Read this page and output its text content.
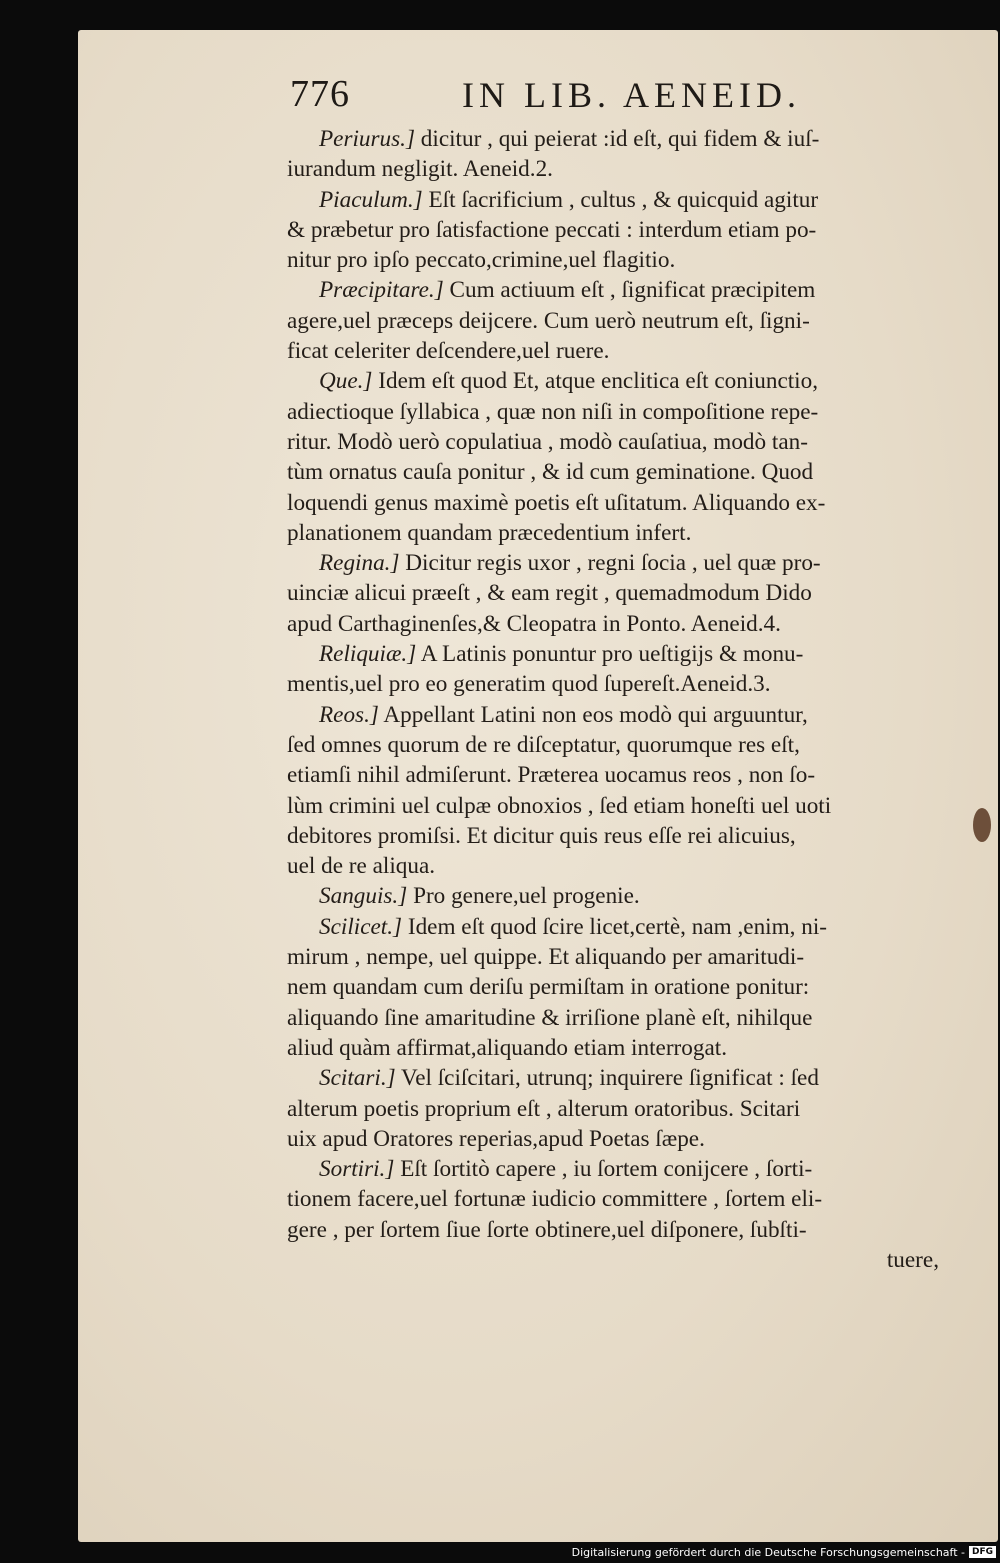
776	IN LIB. AENEID.
Periurus.] dicitur , qui peierat :id eſt, qui fidem & iuſ-
iurandum negligit. Aeneid.2.
Piaculum.] Eſt ſacrificium , cultus , & quicquid agitur
& præbetur pro ſatisfactione peccati : interdum etiam po-
nitur pro ipſo peccato,crimine,uel flagitio.
Præcipitare.] Cum actiuum eſt , ſignificat præcipitem
agere,uel præceps deijcere. Cum uerò neutrum eſt, ſigni-
ficat celeriter deſcendere,uel ruere.
Que.] Idem eſt quod Et, atque enclitica eſt coniunctio,
adiectioque ſyllabica , quæ non niſi in compoſitione repe-
ritur. Modò uerò copulatiua , modò cauſatiua, modò tan-
tùm ornatus cauſa ponitur , & id cum geminatione. Quod
loquendi genus maximè poetis eſt uſitatum. Aliquando ex-
planationem quandam præcedentium infert.
Regina.] Dicitur regis uxor , regni ſocia , uel quæ pro-
uinciæ alicui præeſt , & eam regit , quemadmodum Dido
apud Carthaginenſes,& Cleopatra in Ponto. Aeneid.4.
Reliquiæ.] A Latinis ponuntur pro ueſtigijs & monu-
mentis,uel pro eo generatim quod ſupereſt.Aeneid.3.
Reos.] Appellant Latini non eos modò qui arguuntur,
ſed omnes quorum de re diſceptatur, quorumque res eſt,
etiamſi nihil admiſerunt. Præterea uocamus reos , non ſo-
lùm crimini uel culpæ obnoxios , ſed etiam honeſti uel uoti
debitores promiſsi. Et dicitur quis reus eſſe rei alicuius,
uel de re aliqua.
Sanguis.] Pro genere,uel progenie.
Scilicet.] Idem eſt quod ſcire licet,certè, nam ,enim, ni-
mirum , nempe, uel quippe. Et aliquando per amaritudi-
nem quandam cum deriſu permiſtam in oratione ponitur:
aliquando ſine amaritudine & irriſione planè eſt, nihilque
aliud quàm affirmat,aliquando etiam interrogat.
Scitari.] Vel ſciſcitari, utrunq; inquirere ſignificat : ſed
alterum poetis proprium eſt , alterum oratoribus. Scitari
uix apud Oratores reperias,apud Poetas ſæpe.
Sortiri.] Eſt ſortitò capere , iu ſortem conijcere , ſorti-
tionem facere,uel fortunæ iudicio committere , ſortem eli-
gere , per ſortem ſiue ſorte obtinere,uel diſponere, ſubſti-
tuere,
Digitalisierung gefördert durch die Deutsche Forschungsgemeinschaft - DFG
